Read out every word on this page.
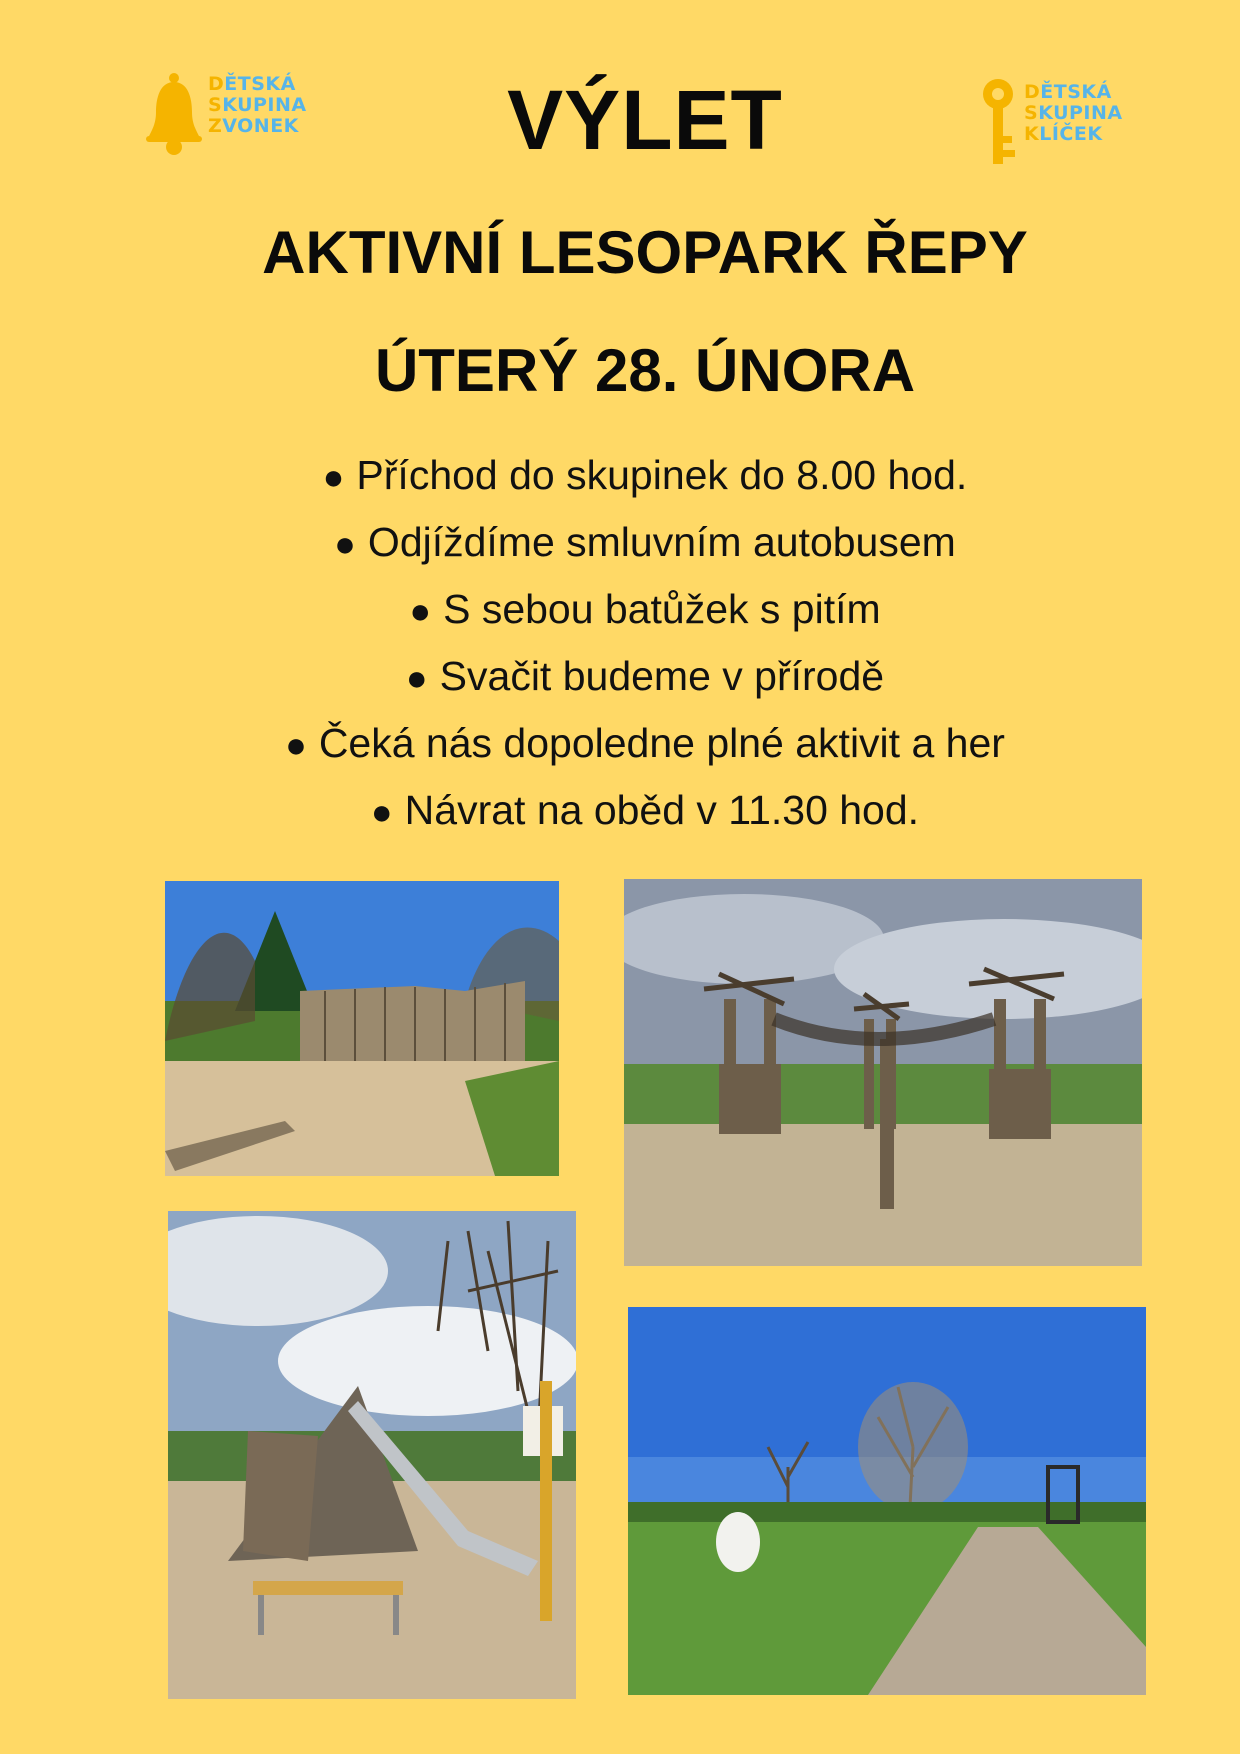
DĚTSKÁ
SKUPINA
ZVONEK
DĚTSKÁ
SKUPINA
KLÍČEK
VÝLET
AKTIVNÍ LESOPARK ŘEPY
ÚTERÝ 28. ÚNORA
● Příchod do skupinek do 8.00 hod.
● Odjíždíme smluvním autobusem
● S sebou batůžek s pitím
● Svačit budeme v přírodě
● Čeká nás dopoledne plné aktivit a her
● Návrat na oběd v 11.30 hod.
